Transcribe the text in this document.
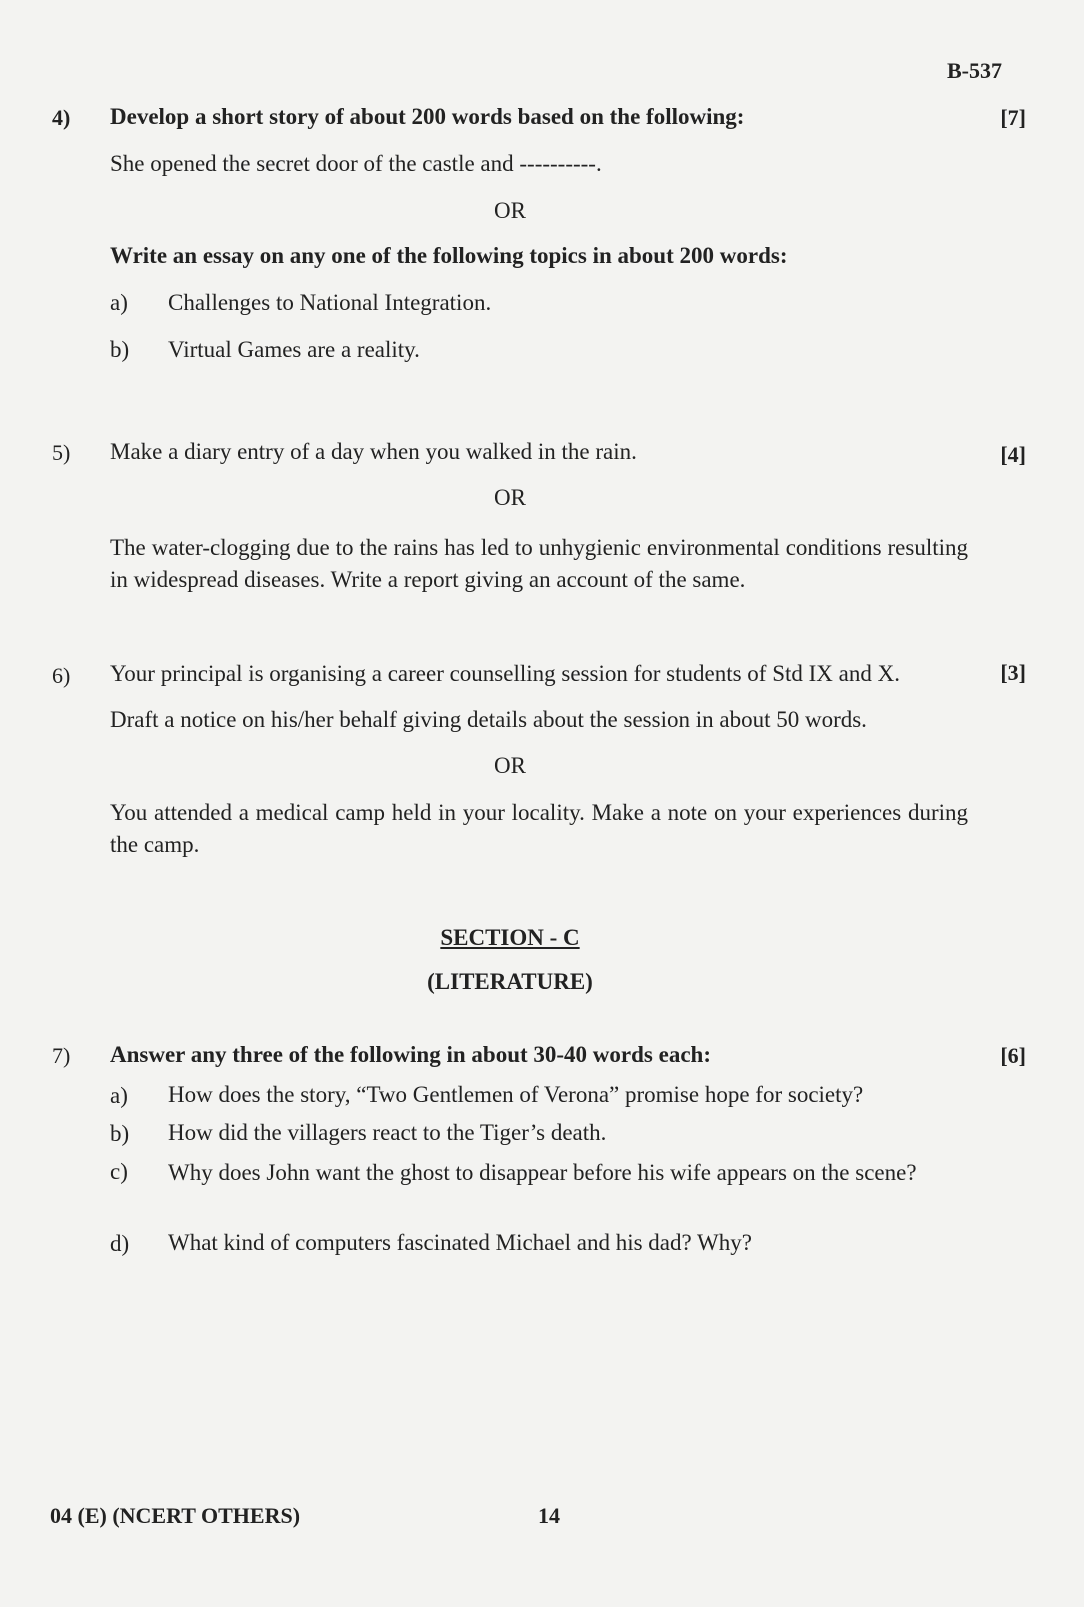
B-537
4) Develop a short story of about 200 words based on the following:	[7]
She opened the secret door of the castle and ----------.
OR
Write an essay on any one of the following topics in about 200 words:
a) Challenges to National Integration.
b) Virtual Games are a reality.
5) Make a diary entry of a day when you walked in the rain.	[4]
OR
The water-clogging due to the rains has led to unhygienic environmental conditions resulting in widespread diseases. Write a report giving an account of the same.
6) Your principal is organising a career counselling session for students of Std IX and X.	[3]
Draft a notice on his/her behalf giving details about the session in about 50 words.
OR
You attended a medical camp held in your locality. Make a note on your experiences during the camp.
SECTION - C
(LITERATURE)
7) Answer any three of the following in about 30-40 words each:	[6]
a) How does the story, “Two Gentlemen of Verona” promise hope for society?
b) How did the villagers react to the Tiger’s death.
c) Why does John want the ghost to disappear before his wife appears on the scene?
d) What kind of computers fascinated Michael and his dad? Why?
04 (E) (NCERT OTHERS)	14
